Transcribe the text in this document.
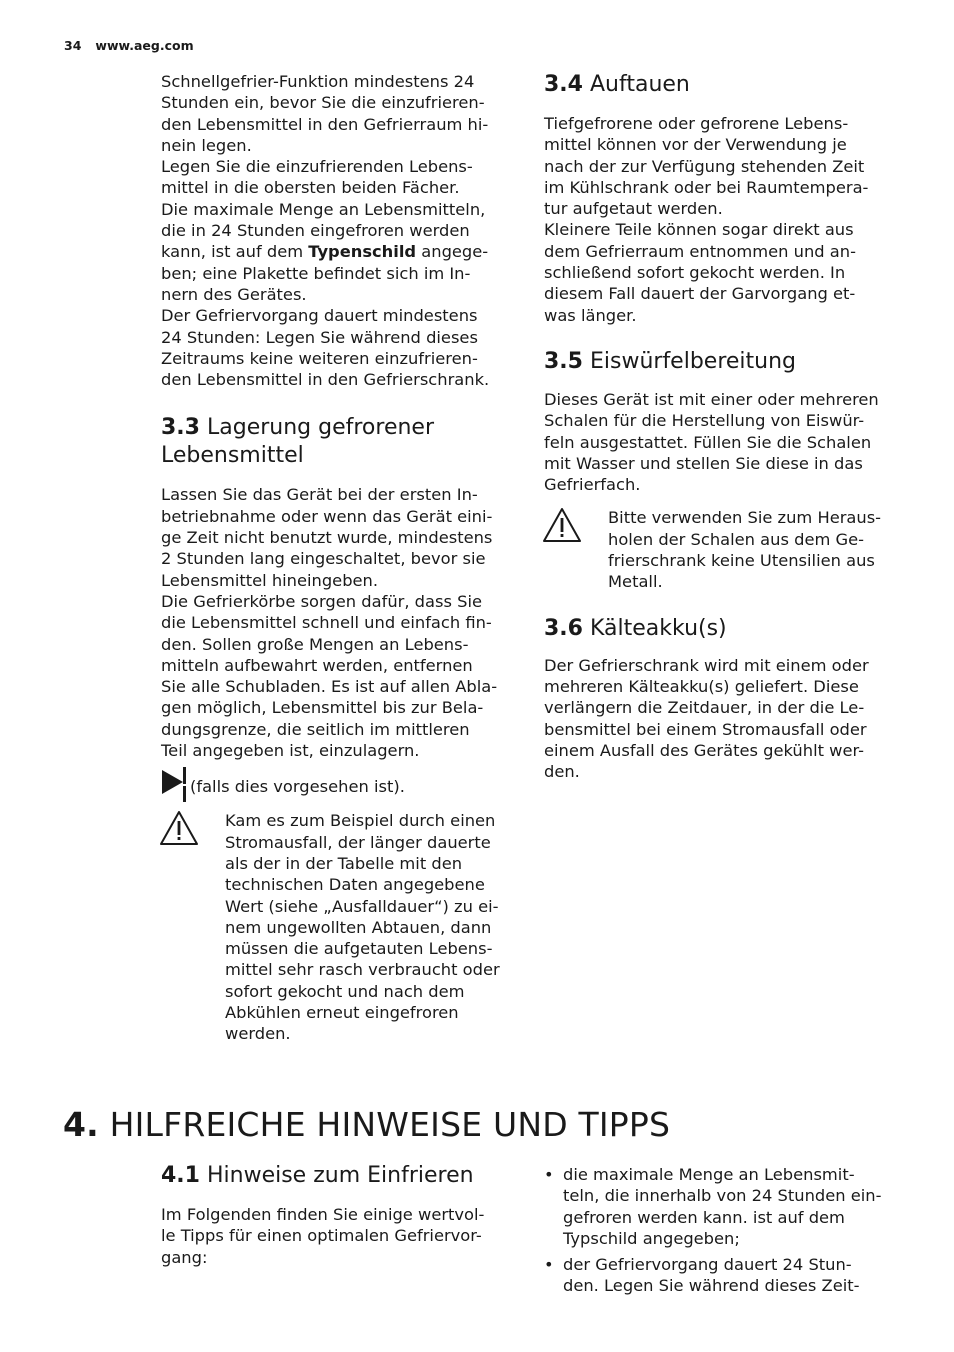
34 www.aeg.com

Schnellgefrier-Funktion mindestens 24

Stunden ein, bevor Sie die einzufrieren-

den Lebensmittel in den Gefrierraum hi-

nein legen.

Legen Sie die einzufrierenden Lebens-

mittel in die obersten beiden Fächer.

Die maximale Menge an Lebensmitteln,

die in 24 Stunden eingefroren werden

kann, ist auf dem Typenschild angege-

ben; eine Plakette befindet sich im In-

nern des Gerätes.

Der Gefriervorgang dauert mindestens

24 Stunden: Legen Sie während dieses

Zeitraums keine weiteren einzufrieren-

den Lebensmittel in den Gefrierschrank.

3.3 Lagerung gefrorener
Lebensmittel

Lassen Sie das Gerät bei der ersten In-

betriebnahme oder wenn das Gerät eini-

ge Zeit nicht benutzt wurde, mindestens

2 Stunden lang eingeschaltet, bevor sie

Lebensmittel hineingeben.

Die Gefrierkörbe sorgen dafür, dass Sie

die Lebensmittel schnell und einfach fin-

den. Sollen große Mengen an Lebens-

mitteln aufbewahrt werden, entfernen

Sie alle Schubladen. Es ist auf allen Abla-

gen möglich, Lebensmittel bis zur Bela-

dungsgrenze, die seitlich im mittleren

Teil angegeben ist, einzulagern.

(falls dies vorgesehen ist).

Kam es zum Beispiel durch einen

Stromausfall, der länger dauerte

als der in der Tabelle mit den

technischen Daten angegebene

Wert (siehe „Ausfalldauer“) zu ei-

nem ungewollten Abtauen, dann

müssen die aufgetauten Lebens-

mittel sehr rasch verbraucht oder

sofort gekocht und nach dem

Abkühlen erneut eingefroren

werden.

3.4 Auftauen

Tiefgefrorene oder gefrorene Lebens-

mittel können vor der Verwendung je

nach der zur Verfügung stehenden Zeit

im Kühlschrank oder bei Raumtempera-

tur aufgetaut werden.

Kleinere Teile können sogar direkt aus

dem Gefrierraum entnommen und an-

schließend sofort gekocht werden. In

diesem Fall dauert der Garvorgang et-

was länger.

3.5 Eiswürfelbereitung

Dieses Gerät ist mit einer oder mehreren

Schalen für die Herstellung von Eiswür-

feln ausgestattet. Füllen Sie die Schalen

mit Wasser und stellen Sie diese in das

Gefrierfach.

Bitte verwenden Sie zum Heraus-

holen der Schalen aus dem Ge-

frierschrank keine Utensilien aus

Metall.

3.6 Kälteakku(s)

Der Gefrierschrank wird mit einem oder

mehreren Kälteakku(s) geliefert. Diese

verlängern die Zeitdauer, in der die Le-

bensmittel bei einem Stromausfall oder

einem Ausfall des Gerätes gekühlt wer-

den.

4. HILFREICHE HINWEISE UND TIPPS
4.1 Hinweise zum Einfrieren

Im Folgenden finden Sie einige wertvol-

le Tipps für einen optimalen Gefriervor-

gang:

• die maximale Menge an Lebensmit-

teln, die innerhalb von 24 Stunden ein-

gefroren werden kann. ist auf dem

Typschild angegeben;

• der Gefriervorgang dauert 24 Stun-

den. Legen Sie während dieses Zeit-
